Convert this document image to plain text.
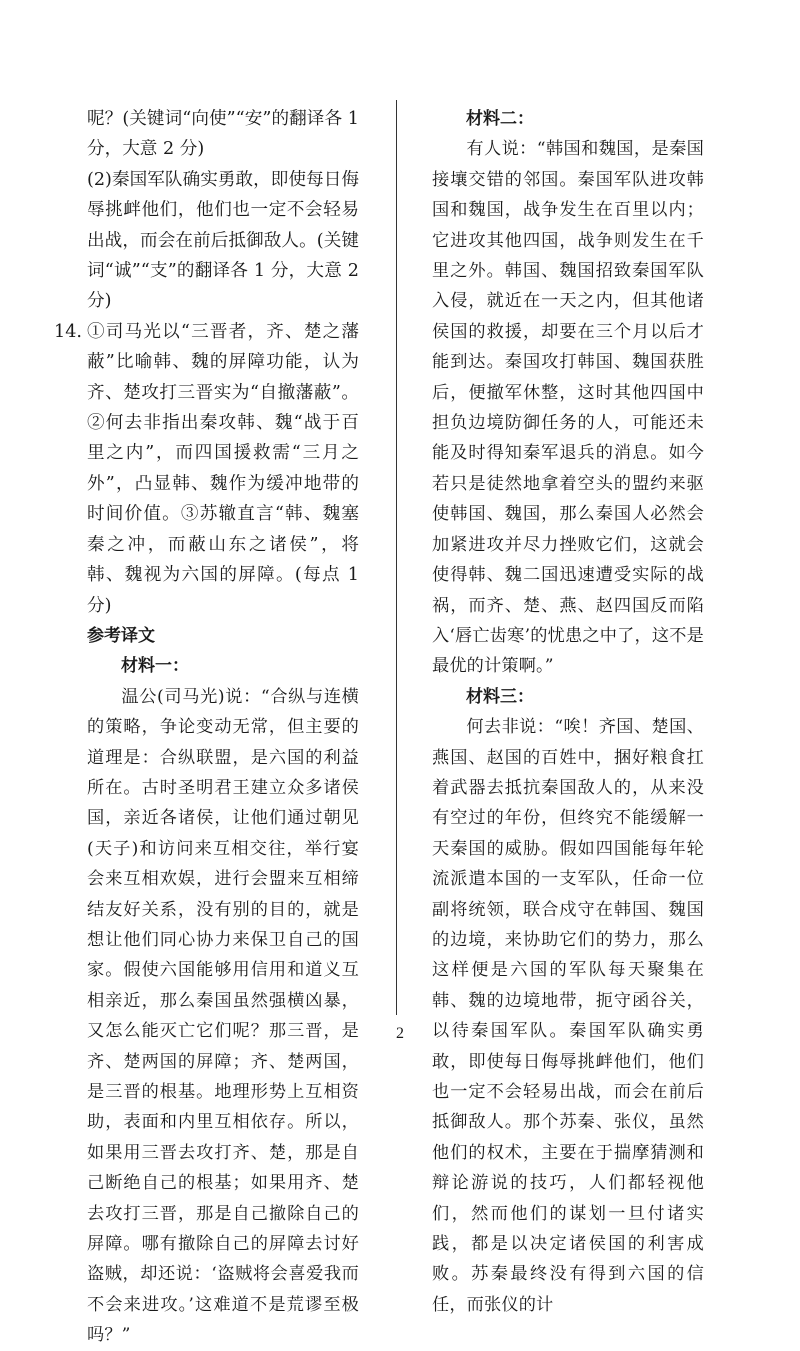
呢？(关键词“向使”“安”的翻译各 1 分，大意 2 分)

(2)秦国军队确实勇敢，即使每日侮辱挑衅他们，他们也一定不会轻易出战，而会在前后抵御敌人。(关键词“诚”“支”的翻译各 1 分，大意 2 分)

14. ①司马光以“三晋者，齐、楚之藩蔽”比喻韩、魏的屏障功能，认为齐、楚攻打三晋实为“自撤藩蔽”。②何去非指出秦攻韩、魏“战于百里之内”，而四国援救需“三月之外”，凸显韩、魏作为缓冲地带的时间价值。③苏辙直言“韩、魏塞秦之冲，而蔽山东之诸侯”，将韩、魏视为六国的屏障。(每点 1 分)

参考译文

材料一：

温公(司马光)说：“合纵与连横的策略，争论变动无常，但主要的道理是：合纵联盟，是六国的利益所在。古时圣明君王建立众多诸侯国，亲近各诸侯，让他们通过朝见(天子)和访问来互相交往，举行宴会来互相欢娱，进行会盟来互相缔结友好关系，没有别的目的，就是想让他们同心协力来保卫自己的国家。假使六国能够用信用和道义互相亲近，那么秦国虽然强横凶暴，又怎么能灭亡它们呢？那三晋，是齐、楚两国的屏障；齐、楚两国，是三晋的根基。地理形势上互相资助，表面和内里互相依存。所以，如果用三晋去攻打齐、楚，那是自己断绝自己的根基；如果用齐、楚去攻打三晋，那是自己撤除自己的屏障。哪有撤除自己的屏障去讨好盗贼，却还说：‘盗贼将会喜爱我而不会来进攻。’这难道不是荒谬至极吗？”

材料二：

有人说：“韩国和魏国，是秦国接壤交错的邻国。秦国军队进攻韩国和魏国，战争发生在百里以内；它进攻其他四国，战争则发生在千里之外。韩国、魏国招致秦国军队入侵，就近在一天之内，但其他诸侯国的救援，却要在三个月以后才能到达。秦国攻打韩国、魏国获胜后，便撤军休整，这时其他四国中担负边境防御任务的人，可能还未能及时得知秦军退兵的消息。如今若只是徒然地拿着空头的盟约来驱使韩国、魏国，那么秦国人必然会加紧进攻并尽力挫败它们，这就会使得韩、魏二国迅速遭受实际的战祸，而齐、楚、燕、赵四国反而陷入‘唇亡齿寒’的忧患之中了，这不是最优的计策啊。”

材料三：

何去非说：“唉！齐国、楚国、燕国、赵国的百姓中，捆好粮食扛着武器去抵抗秦国敌人的，从来没有空过的年份，但终究不能缓解一天秦国的威胁。假如四国能每年轮流派遣本国的一支军队，任命一位副将统领，联合戍守在韩国、魏国的边境，来协助它们的势力，那么这样便是六国的军队每天聚集在韩、魏的边境地带，扼守函谷关，以待秦国军队。秦国军队确实勇敢，即使每日侮辱挑衅他们，他们也一定不会轻易出战，而会在前后抵御敌人。那个苏秦、张仪，虽然他们的权术，主要在于揣摩猜测和辩论游说的技巧，人们都轻视他们，然而他们的谋划一旦付诸实践，都是以决定诸侯国的利害成败。苏秦最终没有得到六国的信任，而张仪的计

2
